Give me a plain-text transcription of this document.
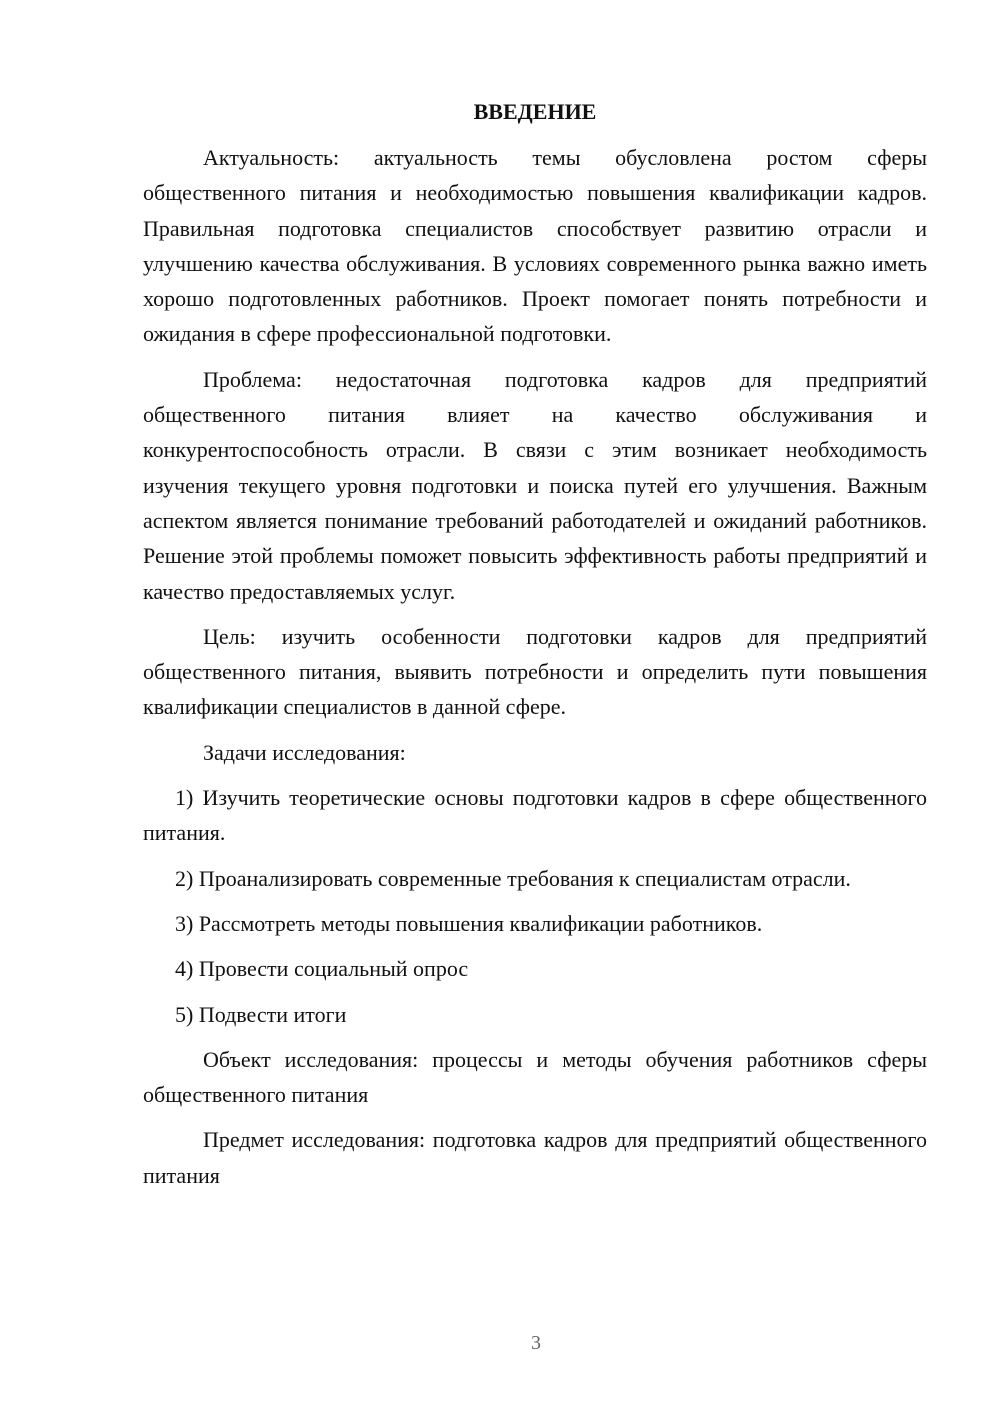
ВВЕДЕНИЕ

Актуальность: актуальность темы обусловлена ростом сферы общественного питания и необходимостью повышения квалификации кадров. Правильная подготовка специалистов способствует развитию отрасли и улучшению качества обслуживания. В условиях современного рынка важно иметь хорошо подготовленных работников. Проект помогает понять потребности и ожидания в сфере профессиональной подготовки.

Проблема: недостаточная подготовка кадров для предприятий общественного питания влияет на качество обслуживания и конкурентоспособность отрасли. В связи с этим возникает необходимость изучения текущего уровня подготовки и поиска путей его улучшения. Важным аспектом является понимание требований работодателей и ожиданий работников. Решение этой проблемы поможет повысить эффективность работы предприятий и качество предоставляемых услуг.

Цель: изучить особенности подготовки кадров для предприятий общественного питания, выявить потребности и определить пути повышения квалификации специалистов в данной сфере.

Задачи исследования:

1) Изучить теоретические основы подготовки кадров в сфере общественного питания.

2) Проанализировать современные требования к специалистам отрасли.

3) Рассмотреть методы повышения квалификации работников.

4) Провести социальный опрос

5) Подвести итоги

Объект исследования: процессы и методы обучения работников сферы общественного питания

Предмет исследования: подготовка кадров для предприятий общественного питания

3
